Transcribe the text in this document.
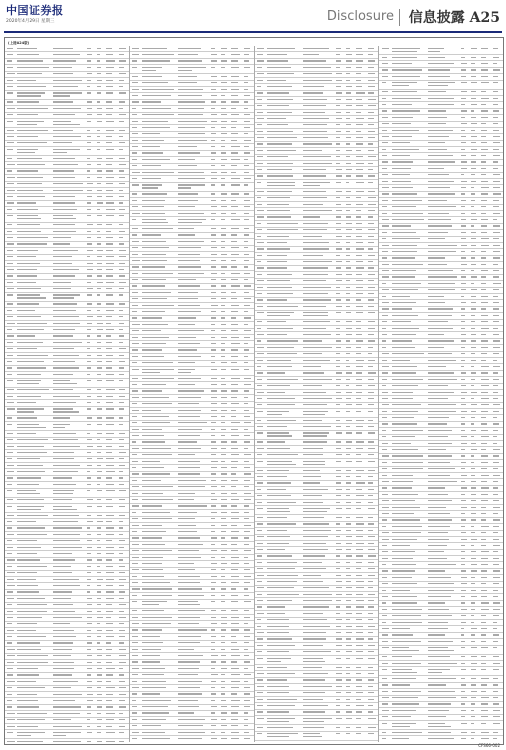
中国证券报
2020年4月29日 星期三	Disclosure 信息披露 A25
(上接A24版)
CFS66-002
